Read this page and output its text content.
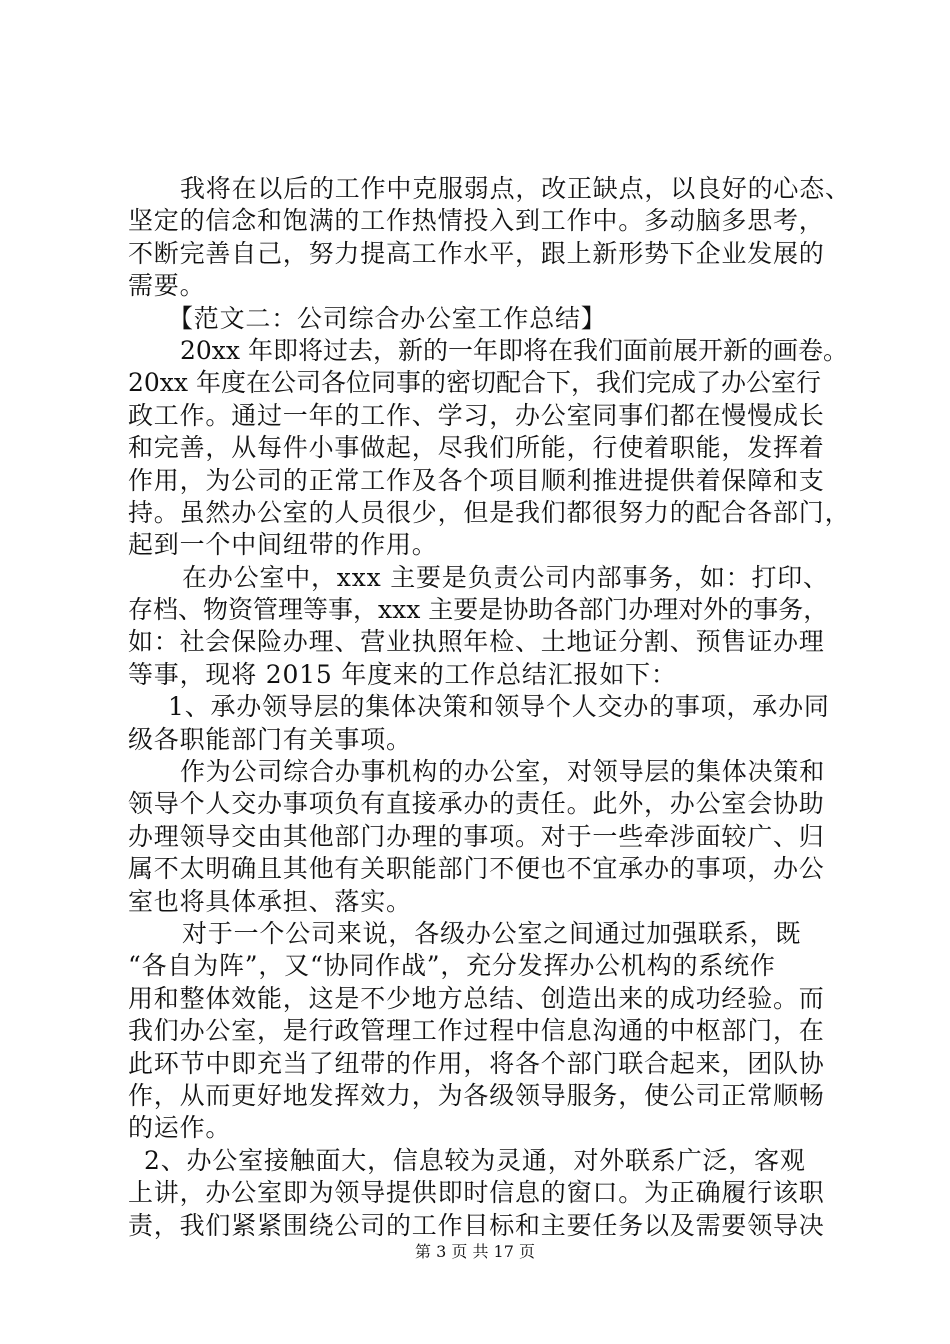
我将在以后的工作中克服弱点，改正缺点，以良好的心态、
坚定的信念和饱满的工作热情投入到工作中。多动脑多思考，
不断完善自己，努力提高工作水平，跟上新形势下企业发展的
需要。
【范文二：公司综合办公室工作总结】
20xx 年即将过去，新的一年即将在我们面前展开新的画卷。
20xx 年度在公司各位同事的密切配合下，我们完成了办公室行
政工作。通过一年的工作、学习，办公室同事们都在慢慢成长
和完善，从每件小事做起，尽我们所能，行使着职能，发挥着
作用，为公司的正常工作及各个项目顺利推进提供着保障和支
持。虽然办公室的人员很少，但是我们都很努力的配合各部门，
起到一个中间纽带的作用。
在办公室中，xxx 主要是负责公司内部事务，如：打印、
存档、物资管理等事，xxx 主要是协助各部门办理对外的事务，
如：社会保险办理、营业执照年检、土地证分割、预售证办理
等事，现将 2015 年度来的工作总结汇报如下：
1、承办领导层的集体决策和领导个人交办的事项，承办同
级各职能部门有关事项。
作为公司综合办事机构的办公室，对领导层的集体决策和
领导个人交办事项负有直接承办的责任。此外，办公室会协助
办理领导交由其他部门办理的事项。对于一些牵涉面较广、归
属不太明确且其他有关职能部门不便也不宜承办的事项，办公
室也将具体承担、落实。
对于一个公司来说，各级办公室之间通过加强联系，既
“各自为阵”，又“协同作战”，充分发挥办公机构的系统作
用和整体效能，这是不少地方总结、创造出来的成功经验。而
我们办公室，是行政管理工作过程中信息沟通的中枢部门，在
此环节中即充当了纽带的作用，将各个部门联合起来，团队协
作，从而更好地发挥效力，为各级领导服务，使公司正常顺畅
的运作。
2、办公室接触面大，信息较为灵通，对外联系广泛，客观
上讲，办公室即为领导提供即时信息的窗口。为正确履行该职
责，我们紧紧围绕公司的工作目标和主要任务以及需要领导决
第 3 页 共 17 页
